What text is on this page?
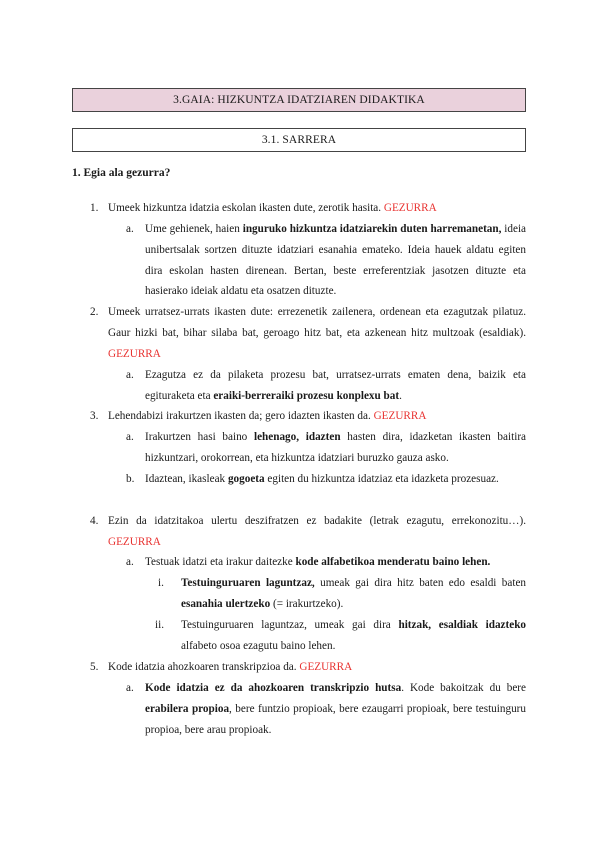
3.GAIA: HIZKUNTZA IDATZIAREN DIDAKTIKA
3.1. SARRERA
1. Egia ala gezurra?
1. Umeek hizkuntza idatzia eskolan ikasten dute, zerotik hasita. GEZURRA
a. Ume gehienek, haien inguruko hizkuntza idatziarekin duten harremanetan, ideia unibertsalak sortzen dituzte idatziari esanahia emateko. Ideia hauek aldatu egiten dira eskolan hasten direnean. Bertan, beste erreferentziak jasotzen dituzte eta hasierako ideiak aldatu eta osatzen dituzte.
2. Umeek urratsez-urrats ikasten dute: errezenetik zailenera, ordenean eta ezagutzak pilatuz. Gaur hizki bat, bihar silaba bat, geroago hitz bat, eta azkenean hitz multzoak (esaldiak). GEZURRA
a. Ezagutza ez da pilaketa prozesu bat, urratsez-urrats ematen dena, baizik eta egituraketa eta eraiki-berreraiki prozesu konplexu bat.
3. Lehendabizi irakurtzen ikasten da; gero idazten ikasten da. GEZURRA
a. Irakurtzen hasi baino lehenago, idazten hasten dira, idazketan ikasten baitira hizkuntzari, orokorrean, eta hizkuntza idatziari buruzko gauza asko.
b. Idaztean, ikasleak gogoeta egiten du hizkuntza idatziaz eta idazketa prozesuaz.
4. Ezin da idatzitakoa ulertu deszifratzen ez badakite (letrak ezagutu, errekonozitu…). GEZURRA
a. Testuak idatzi eta irakur daitezke kode alfabetikoa menderatu baino lehen.
i. Testuinguruaren laguntzaz, umeak gai dira hitz baten edo esaldi baten esanahia ulertzeko (= irakurtzeko).
ii. Testuinguruaren laguntzaz, umeak gai dira hitzak, esaldiak idazteko alfabeto osoa ezagutu baino lehen.
5. Kode idatzia ahozkoaren transkripzioa da. GEZURRA
a. Kode idatzia ez da ahozkoaren transkripzio hutsa. Kode bakoitzak du bere erabilera propioa, bere funtzio propioak, bere ezaugarri propioak, bere testuinguru propioa, bere arau propioak.
